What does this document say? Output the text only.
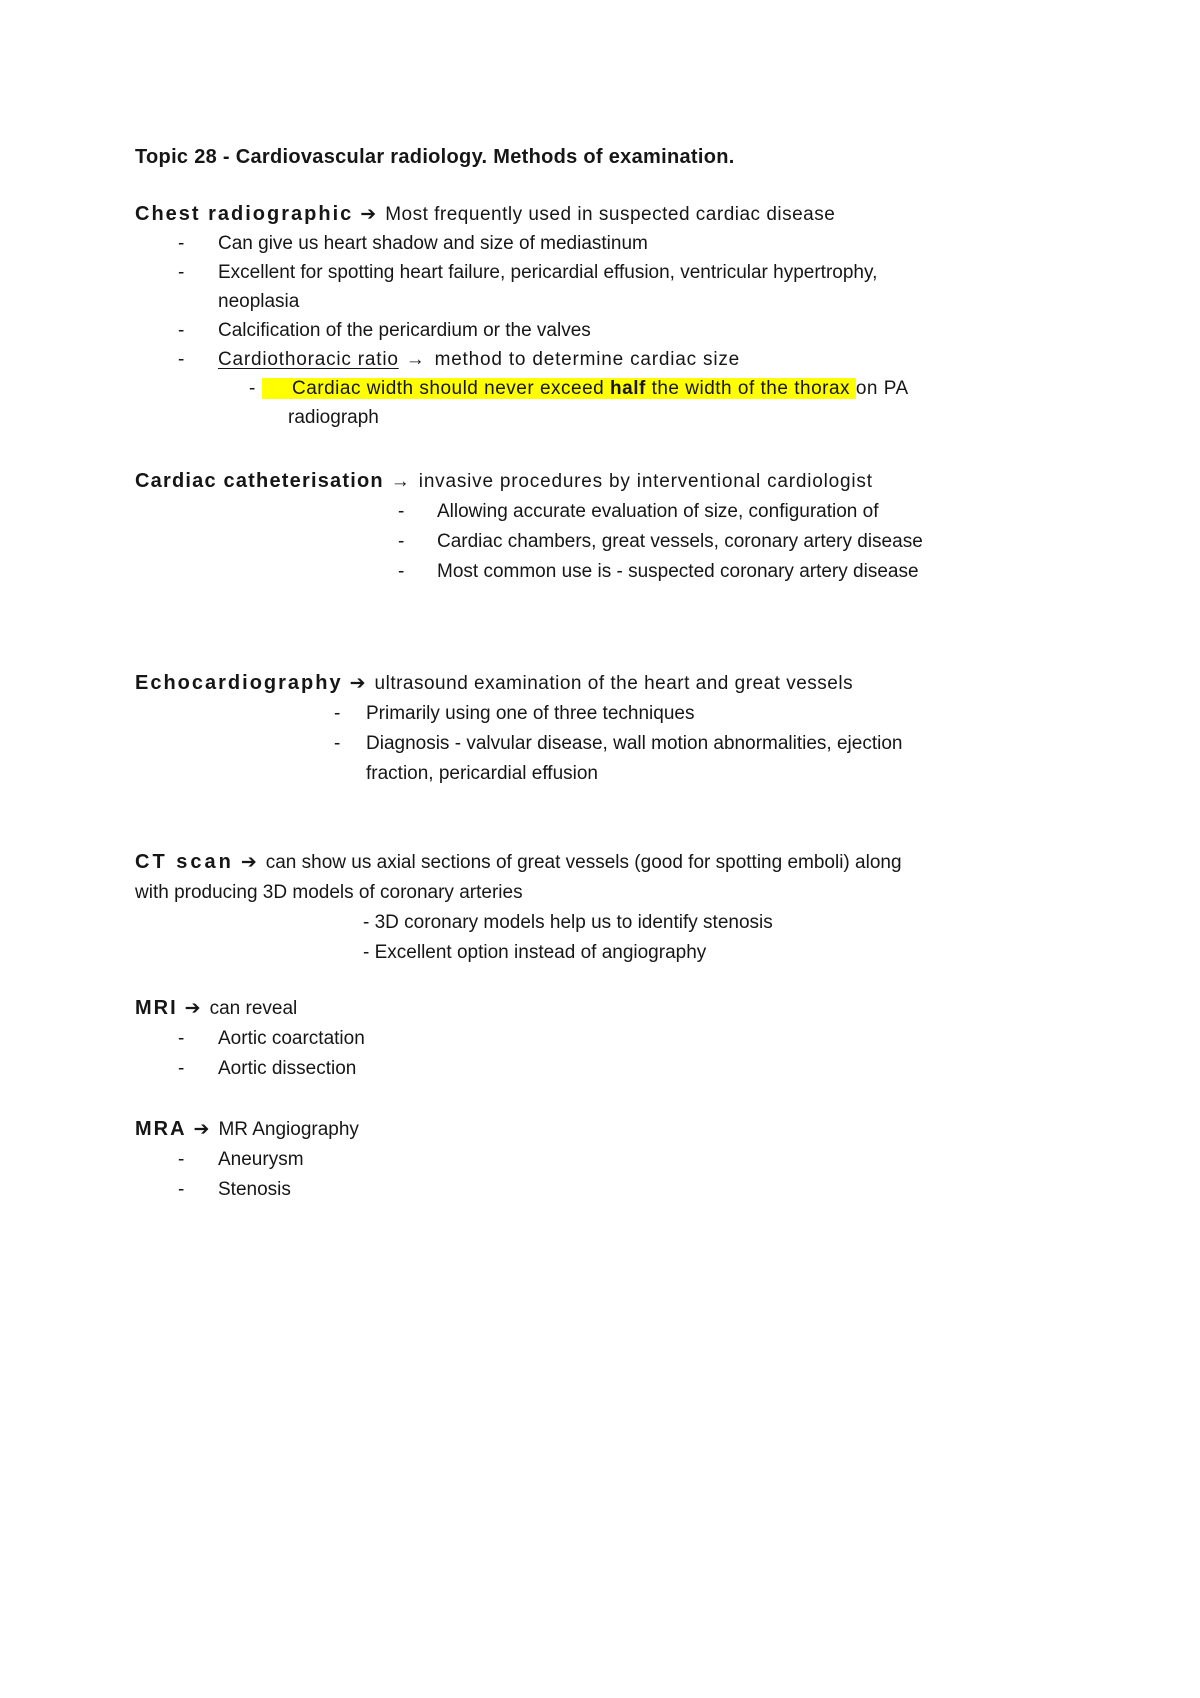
Topic 28 - Cardiovascular radiology. Methods of examination.
Chest radiographic ➔ Most frequently used in suspected cardiac disease
-	Can give us heart shadow and size of mediastinum
-	Excellent for spotting heart failure, pericardial effusion, ventricular hypertrophy,
neoplasia
-	Calcification of the pericardium or the valves
-	Cardiothoracic ratio → method to determine cardiac size
-	Cardiac width should never exceed half the width of the thorax on PA
radiograph
Cardiac catheterisation → invasive procedures by interventional cardiologist
-	Allowing accurate evaluation of size, configuration of
-	Cardiac chambers, great vessels, coronary artery disease
-	Most common use is - suspected coronary artery disease
Echocardiography ➔ ultrasound examination of the heart and great vessels
-	Primarily using one of three techniques
-	Diagnosis - valvular disease, wall motion abnormalities, ejection
fraction, pericardial effusion
CT scan ➔ can show us axial sections of great vessels (good for spotting emboli) along
with producing 3D models of coronary arteries
- 3D coronary models help us to identify stenosis
- Excellent option instead of angiography
MRI ➔ can reveal
-	Aortic coarctation
-	Aortic dissection
MRA ➔ MR Angiography
-	Aneurysm
-	Stenosis
